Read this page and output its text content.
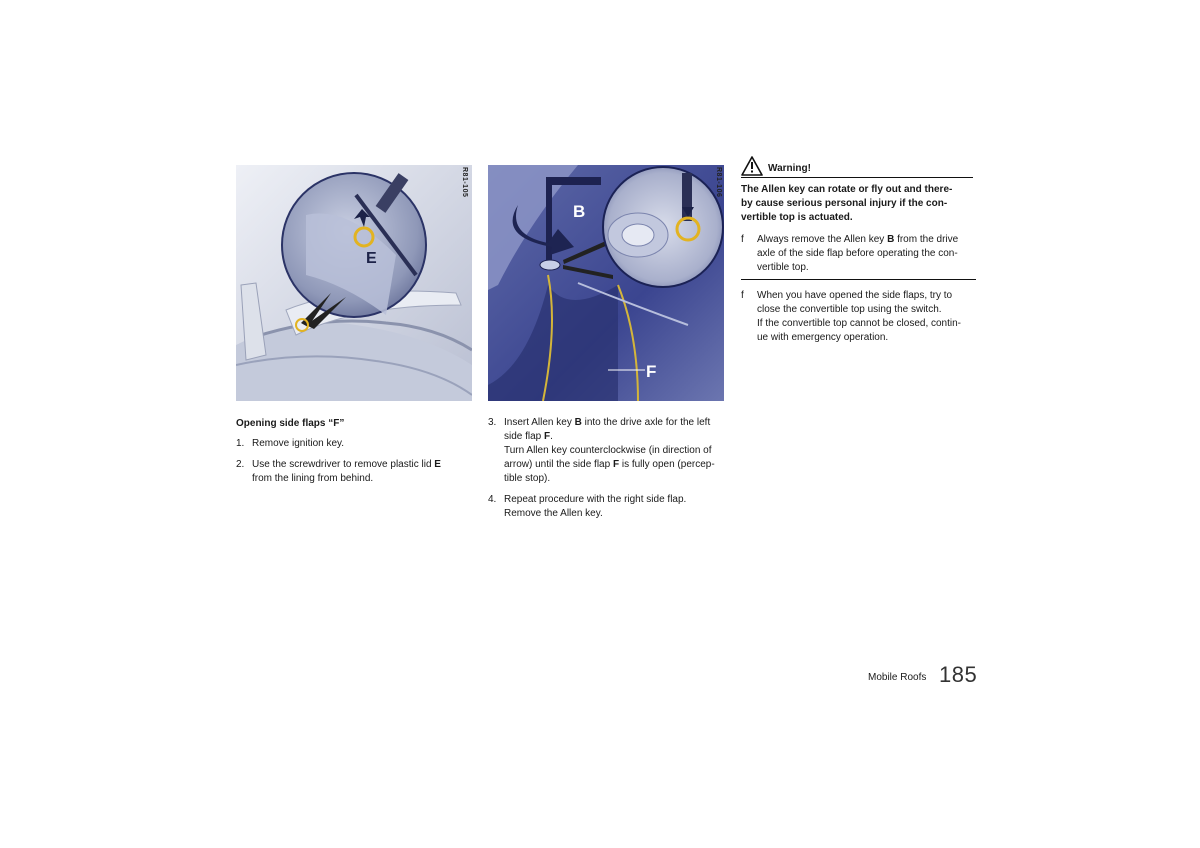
E
R81-105
B
F
R81-106
Opening side flaps “F”
1. Remove ignition key.
2. Use the screwdriver to remove plastic lid E
from the lining from behind.
3. Insert Allen key B into the drive axle for the left
side flap F.
Turn Allen key counterclockwise (in direction of
arrow) until the side flap F is fully open (percep-
tible stop).
4. Repeat procedure with the right side flap.
Remove the Allen key.
Warning!
The Allen key can rotate or fly out and there-
by cause serious personal injury if the con-
vertible top is actuated.
f Always remove the Allen key B from the drive
axle of the side flap before operating the con-
vertible top.
f When you have opened the side flaps, try to
close the convertible top using the switch.
If the convertible top cannot be closed, contin-
ue with emergency operation.
Mobile Roofs 185
